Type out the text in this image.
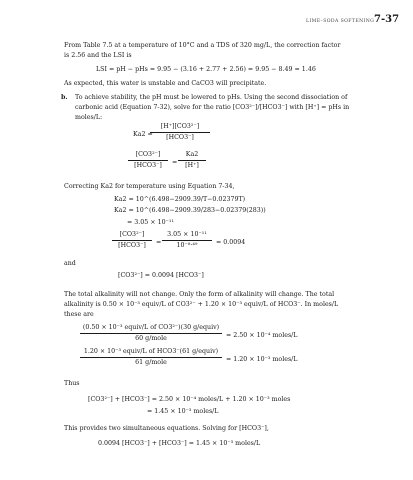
LIME–SODA SOFTENING 7-37
From Table 7.5 at a temperature of 10°C and a TDS of 320 mg/L, the correction factor
is 2.56 and the LSI is
LSI = pH − pHs = 9.95 − (3.16 + 2.77 + 2.56) = 9.95 − 8.49 = 1.46
As expected, this water is unstable and CaCO3 will precipitate.
b. To achieve stability, the pH must be lowered to pHs. Using the second dissociation of
carbonic acid (Equation 7-32), solve for the ratio [CO3²⁻]/[HCO3⁻] with [H⁺] = pHs in
moles/L:
Ka2 =
[H⁺][CO3²⁻]
[HCO3⁻]
[CO3²⁻]
[HCO3⁻]	=
Ka2
[H⁺]
Correcting Ka2 for temperature using Equation 7-34,
Ka2 = 10^(6.498−2909.39/T−0.02379T)
Ka2 = 10^(6.498−2909.39/283−0.02379(283))
= 3.05 × 10⁻¹¹
[CO3²⁻]
[HCO3⁻]	=
3.05 × 10⁻¹¹
10⁻⁸·⁴⁹	= 0.0094
and
[CO3²⁻] = 0.0094 [HCO3⁻]
The total alkalinity will not change. Only the form of alkalinity will change. The total
alkalinity is 0.50 × 10⁻³ equiv/L of CO3²⁻ + 1.20 × 10⁻³ equiv/L of HCO3⁻. In moles/L
these are
(0.50 × 10⁻³ equiv/L of CO3²⁻)(30 g/equiv)
60 g/mole	= 2.50 × 10⁻⁴ moles/L
1.20 × 10⁻³ equiv/L of HCO3⁻(61 g/equiv)
61 g/mole	= 1.20 × 10⁻³ moles/L
Thus
[CO3²⁻] + [HCO3⁻] = 2.50 × 10⁻⁴ moles/L + 1.20 × 10⁻³ moles
= 1.45 × 10⁻³ moles/L
This provides two simultaneous equations. Solving for [HCO3⁻],
0.0094 [HCO3⁻] + [HCO3⁻] = 1.45 × 10⁻³ moles/L
